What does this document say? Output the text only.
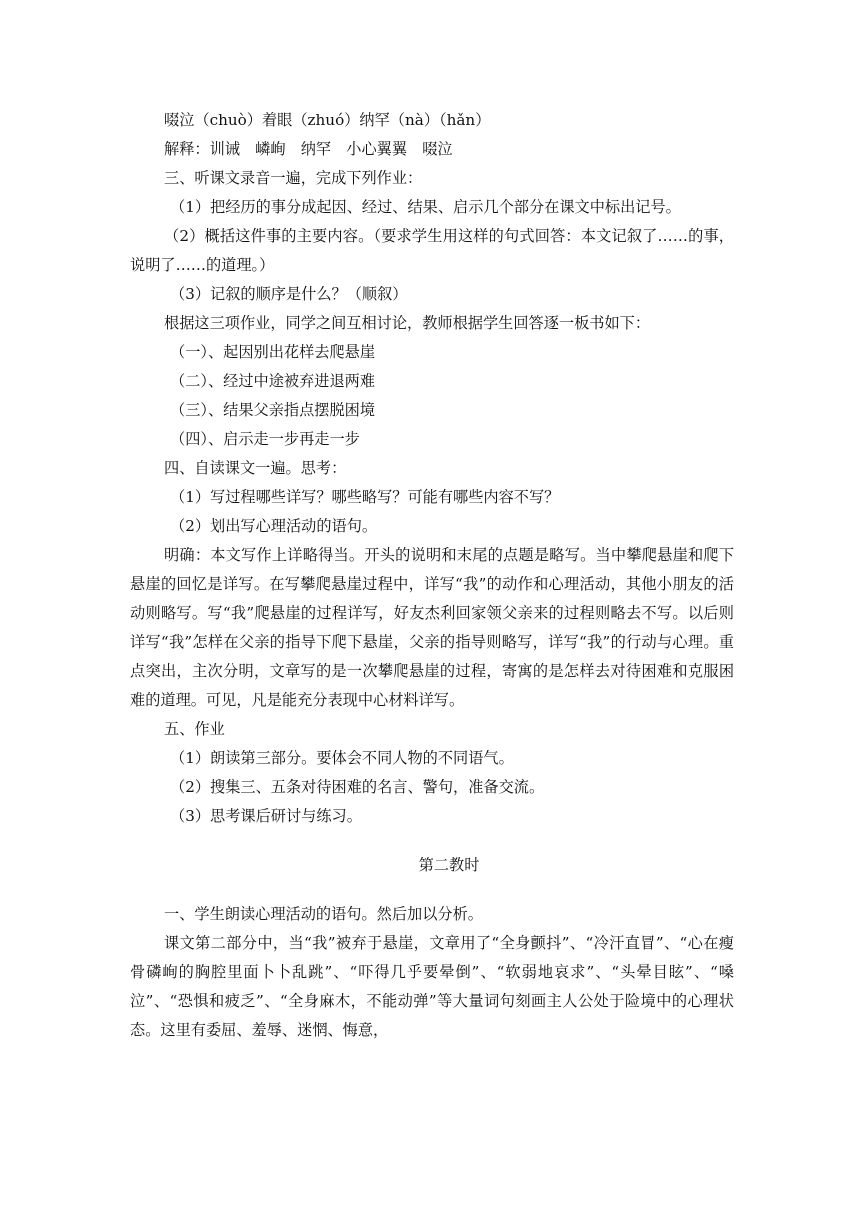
啜泣（chuò）着眼（zhuó）纳罕（nà）（hǎn）

解释：训诫　嶙峋　纳罕　小心翼翼　啜泣

三、听课文录音一遍，完成下列作业：

（1）把经历的事分成起因、经过、结果、启示几个部分在课文中标出记号。

（2）概括这件事的主要内容。（要求学生用这样的句式回答：本文记叙了……的事，说明了……的道理。）

（3）记叙的顺序是什么？（顺叙）

根据这三项作业，同学之间互相讨论，教师根据学生回答逐一板书如下：

（一）、起因别出花样去爬悬崖

（二）、经过中途被弃进退两难

（三）、结果父亲指点摆脱困境

（四）、启示走一步再走一步

四、自读课文一遍。思考：

（1）写过程哪些详写？哪些略写？可能有哪些内容不写？

（2）划出写心理活动的语句。

明确：本文写作上详略得当。开头的说明和末尾的点题是略写。当中攀爬悬崖和爬下悬崖的回忆是详写。在写攀爬悬崖过程中，详写“我”的动作和心理活动，其他小朋友的活动则略写。写“我”爬悬崖的过程详写，好友杰利回家领父亲来的过程则略去不写。以后则详写“我”怎样在父亲的指导下爬下悬崖，父亲的指导则略写，详写“我”的行动与心理。重点突出，主次分明，文章写的是一次攀爬悬崖的过程，寄寓的是怎样去对待困难和克服困难的道理。可见，凡是能充分表现中心材料详写。

五、作业

（1）朗读第三部分。要体会不同人物的不同语气。

（2）搜集三、五条对待困难的名言、警句，准备交流。

（3）思考课后研讨与练习。

第二教时

一、学生朗读心理活动的语句。然后加以分析。

课文第二部分中，当“我”被弃于悬崖，文章用了“全身颤抖”、“冷汗直冒”、“心在瘦骨磷峋的胸腔里面卜卜乱跳”、“吓得几乎要晕倒”、“软弱地哀求”、“头晕目眩”、“嗓泣”、“恐惧和疲乏”、“全身麻木，不能动弹”等大量词句刻画主人公处于险境中的心理状态。这里有委屈、羞辱、迷惘、悔意，
